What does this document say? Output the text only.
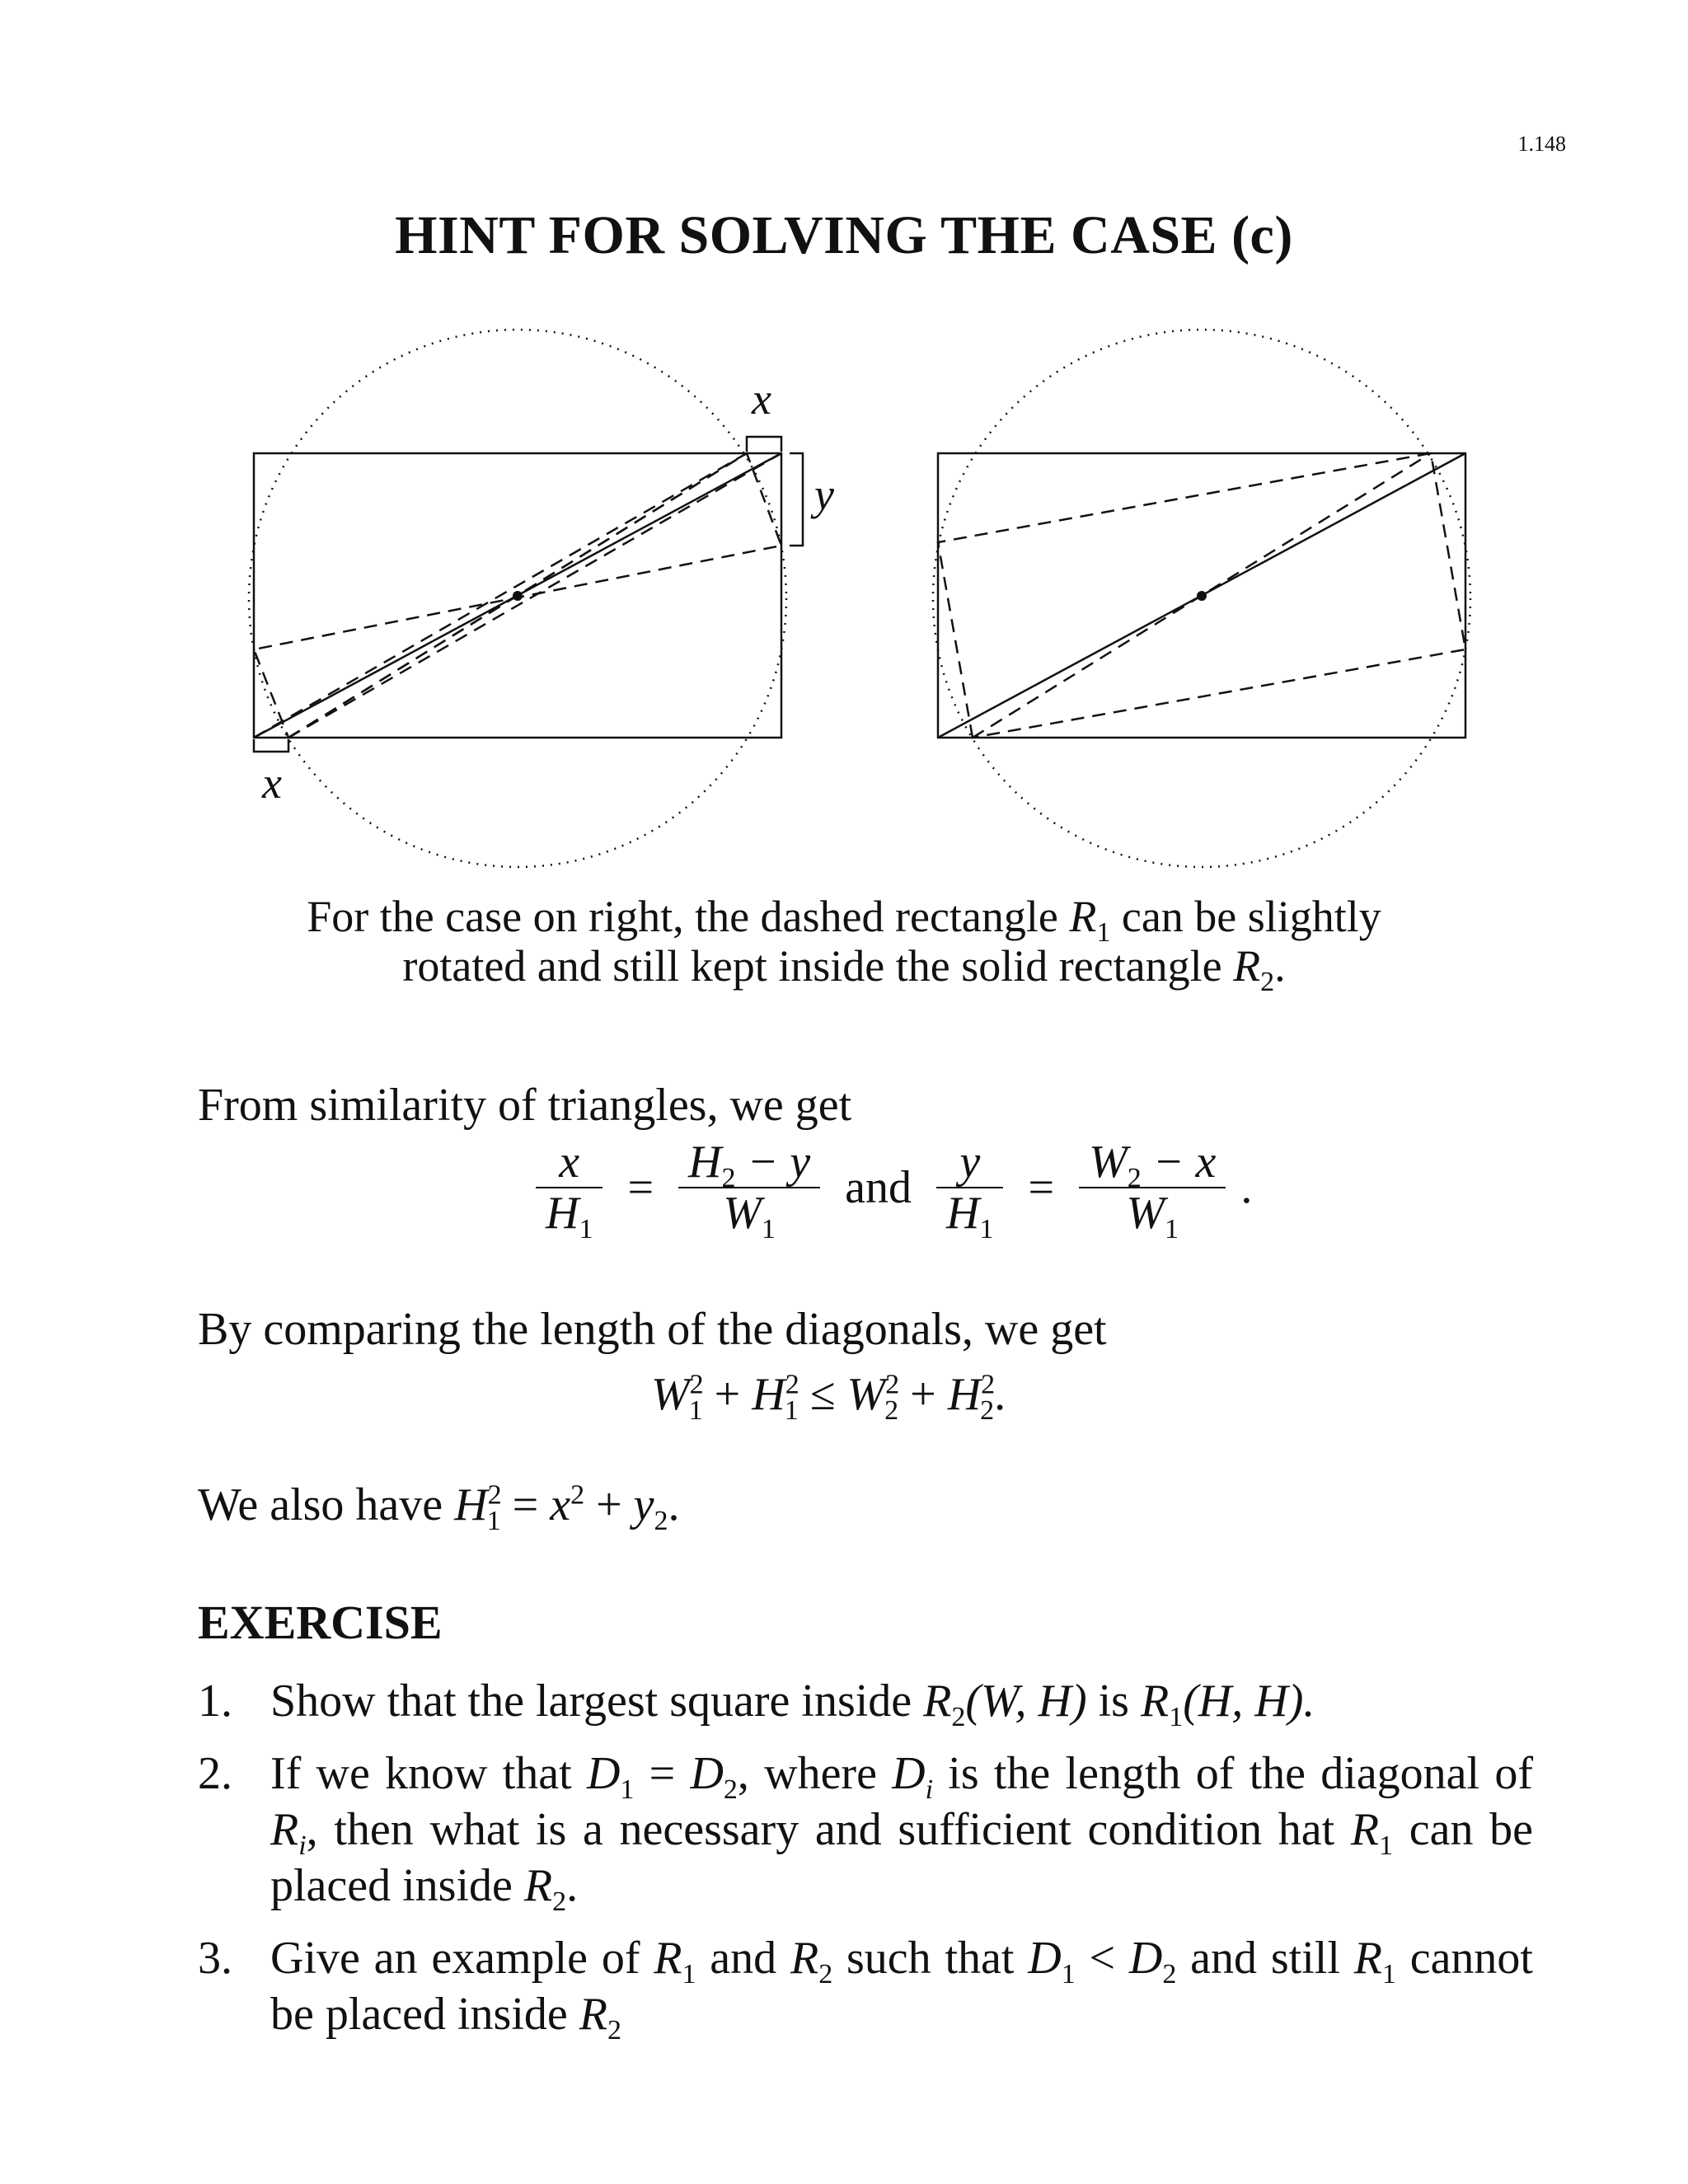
1.148
HINT FOR SOLVING THE CASE (c)
x
y
x
For the case on right, the dashed rectangle $R_1$ can be slightly
rotated and still kept inside the solid rectangle $R_2$.
From similarity of triangles, we get
$\frac{x}{H_1} = \frac{H_2 - y}{W_1}$ and $\frac{y}{H_1} = \frac{W_2 - x}{W_1}$ .
By comparing the length of the diagonals, we get
$W^2_1 + H^2_1 \le W^2_2 + H^2_2$.
We also have $H^2_1 = x^2 + y_2$.
EXERCISE
1. Show that the largest square inside $R_2(W$, H) is $R_1(H$, H).
2. If we know that $D_1 = D_2$, where $D_i$ is the length of the diagonal of $R_i$, then what is a necessary and sufficient condition hat $R_1$ can be placed inside $R_2$.
3. Give an example of $R_1$ and $R_2$ such that $D_1 < D_2$ and still $R_1$ cannot be placed inside $R_2$
